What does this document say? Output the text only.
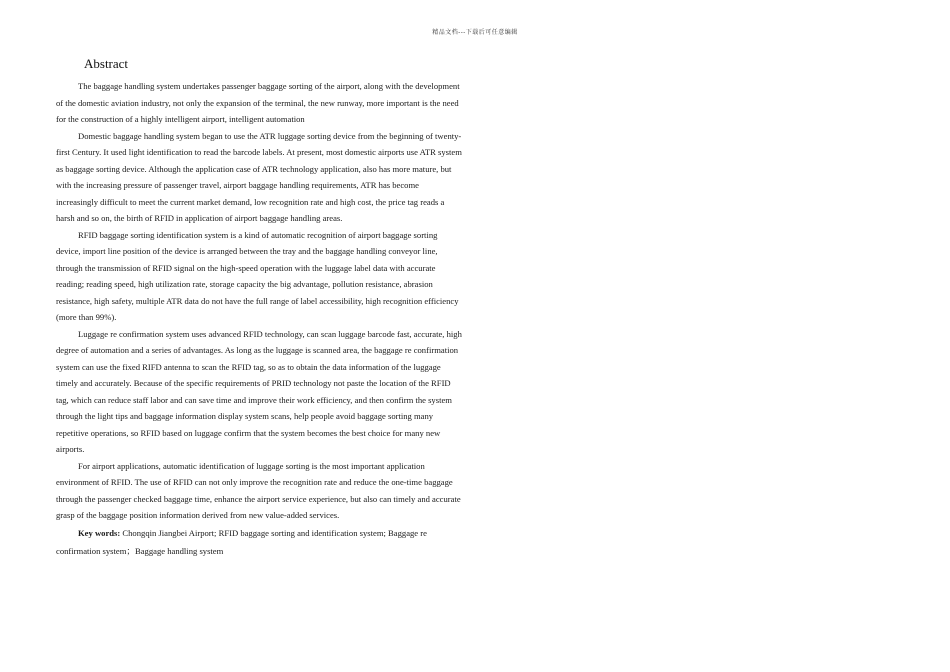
精品文档---下载后可任意编辑
Abstract

The baggage handling system undertakes passenger baggage sorting of the airport, along with the development of the domestic aviation industry, not only the expansion of the terminal, the new runway, more important is the need for the construction of a highly intelligent airport, intelligent automation

Domestic baggage handling system began to use the ATR luggage sorting device from the beginning of twenty-first Century. It used light identification to read the barcode labels. At present, most domestic airports use ATR system as baggage sorting device. Although the application case of ATR technology application, also has more mature, but with the increasing pressure of passenger travel, airport baggage handling requirements, ATR has become increasingly difficult to meet the current market demand, low recognition rate and high cost, the price tag reads a harsh and so on, the birth of RFID in application of airport baggage handling areas.

RFID baggage sorting identification system is a kind of automatic recognition of airport baggage sorting device, import line position of the device is arranged between the tray and the baggage handling conveyor line, through the transmission of RFID signal on the high-speed operation with the luggage label data with accurate reading; reading speed, high utilization rate, storage capacity the big advantage, pollution resistance, abrasion resistance, high safety, multiple ATR data do not have the full range of label accessibility, high recognition efficiency (more than 99%).

Luggage re confirmation system uses advanced RFID technology, can scan luggage barcode fast, accurate, high degree of automation and a series of advantages. As long as the luggage is scanned area, the baggage re confirmation system can use the fixed RIFD antenna to scan the RFID tag, so as to obtain the data information of the luggage timely and accurately. Because of the specific requirements of PRID technology not paste the location of the RFID tag, which can reduce staff labor and can save time and improve their work efficiency, and then confirm the system through the light tips and baggage information display system scans, help people avoid baggage sorting many repetitive operations, so RFID based on luggage confirm that the system becomes the best choice for many new airports.

For airport applications, automatic identification of luggage sorting is the most important application environment of RFID. The use of RFID can not only improve the recognition rate and reduce the one-time baggage through the passenger checked baggage time, enhance the airport service experience, but also can timely and accurate grasp of the baggage position information derived from new value-added services.

Key words: Chongqin Jiangbei Airport; RFID baggage sorting and identification system; Baggage re confirmation system；Baggage handling system
